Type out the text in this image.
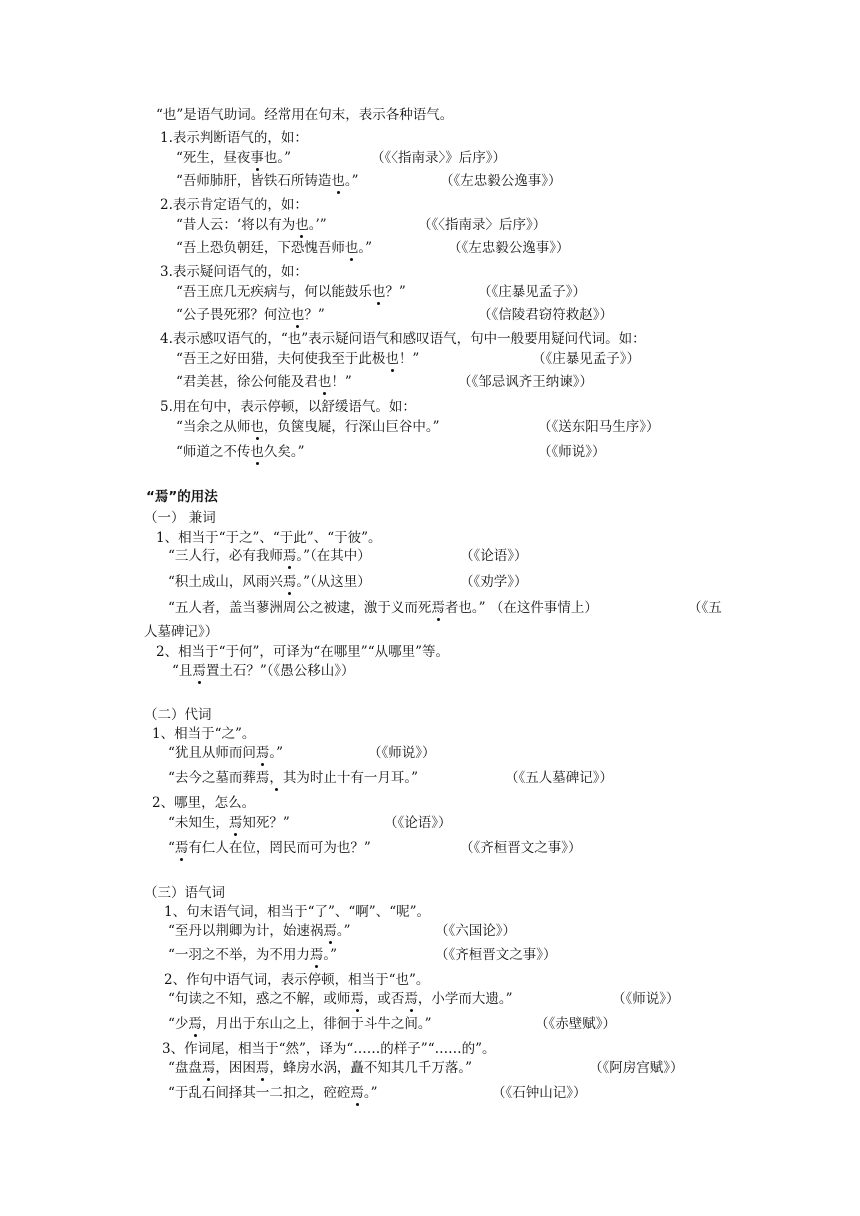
“也”是语气助词。经常用在句末，表示各种语气。
1.表示判断语气的，如：
“死生，昼夜事也。”	（《〈指南录〉》后序》）
“吾师肺肝，皆铁石所铸造也。”	（《左忠毅公逸事》）
2.表示肯定语气的，如：
“昔人云：‘将以有为也。’”	（《〈指南录〉后序》）
“吾上恐负朝廷，下恐愧吾师也。”	（《左忠毅公逸事》）
3.表示疑问语气的，如：
“吾王庶几无疾病与，何以能鼓乐也？”	（《庄暴见孟子》）
“公子畏死邪？何泣也？”	（《信陵君窃符救赵》）
4.表示感叹语气的，“也”表示疑问语气和感叹语气，句中一般要用疑问代词。如：
“吾王之好田猎，夫何使我至于此极也！”	（《庄暴见孟子》）
“君美甚，徐公何能及君也！”	（《邹忌讽齐王纳谏》）
5.用在句中，表示停顿，以舒缓语气。如：
“当余之从师也，负箧曳屣，行深山巨谷中。”	（《送东阳马生序》）
“师道之不传也久矣。”	（《师说》）
“焉”的用法
（一） 兼词
1、相当于“于之”、“于此”、“于彼”。
“三人行，必有我师焉。”（在其中）	（《论语》）
“积土成山，风雨兴焉。”（从这里）	（《劝学》）
“五人者，盖当蓼洲周公之被逮，激于义而死焉者也。” （在这件事情上）	（《五
人墓碑记》）
2、相当于“于何”，可译为“在哪里”“从哪里”等。
“且焉置土石？”（《愚公移山》）
（二）代词
1、相当于“之”。
“犹且从师而问焉。”	（《师说》）
“去今之墓而葬焉，其为时止十有一月耳。”	（《五人墓碑记》）
2、哪里，怎么。
“未知生，焉知死？”	（《论语》）
“焉有仁人在位，罔民而可为也？”	（《齐桓晋文之事》）
（三）语气词
1、句末语气词，相当于“了”、“啊”、“呢”。
“至丹以荆卿为计，始速祸焉。”	（《六国论》）
“一羽之不举，为不用力焉。”	（《齐桓晋文之事》）
2、作句中语气词，表示停顿，相当于“也”。
“句读之不知，惑之不解，或师焉，或否焉，小学而大遗。”	（《师说》）
“少焉，月出于东山之上，徘徊于斗牛之间。”	（《赤壁赋》）
3、作词尾，相当于“然”，译为“……的样子”“……的”。
“盘盘焉，困困焉，蜂房水涡，矗不知其几千万落。”	（《阿房宫赋》）
“于乱石间择其一二扣之，硿硿焉。”	（《石钟山记》）
